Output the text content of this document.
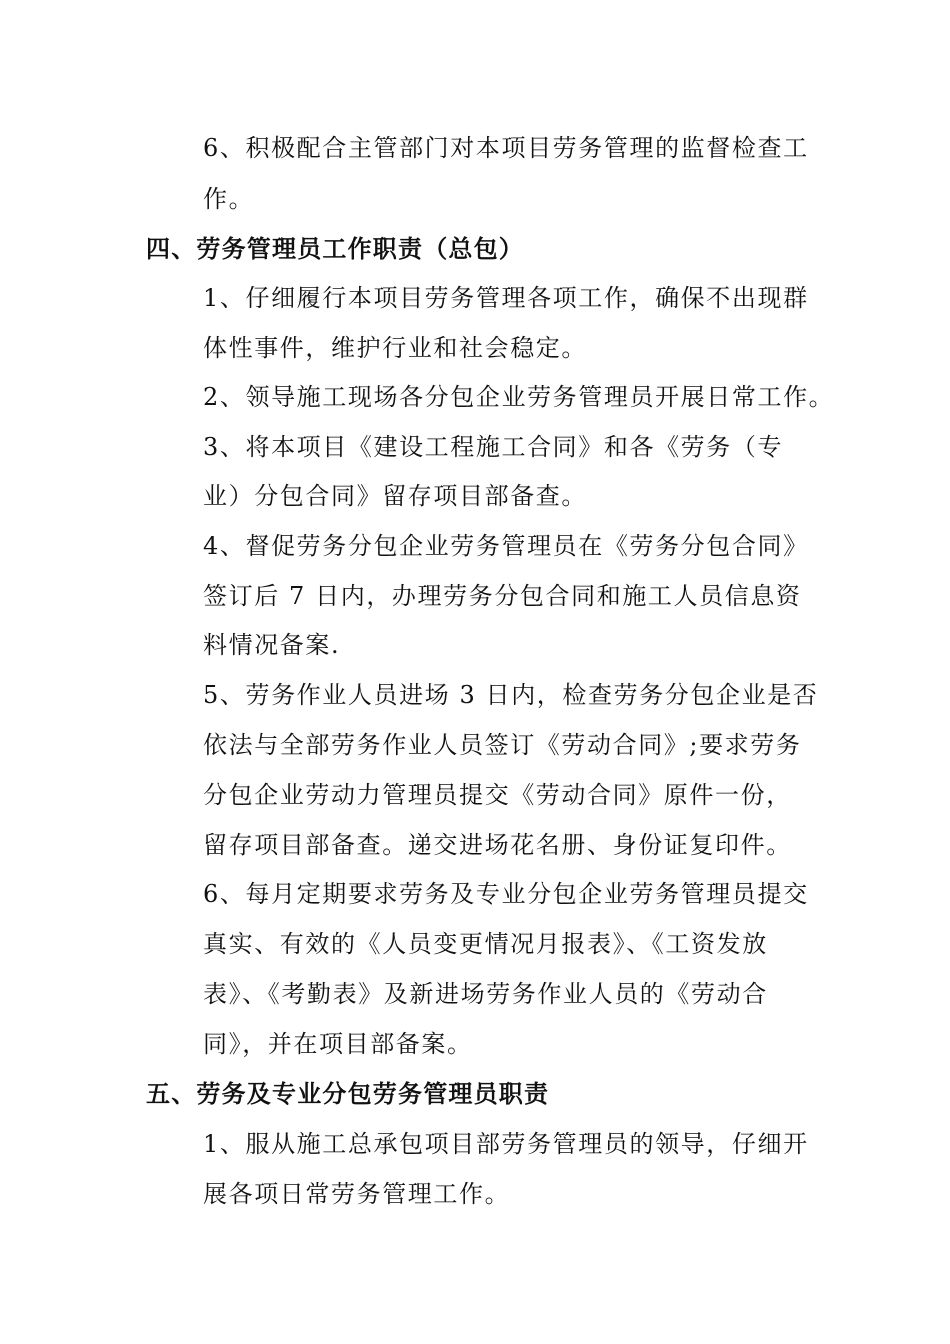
6、积极配合主管部门对本项目劳务管理的监督检查工
作。
四、劳务管理员工作职责（总包）
1、仔细履行本项目劳务管理各项工作，确保不出现群
体性事件，维护行业和社会稳定。
2、领导施工现场各分包企业劳务管理员开展日常工作。
3、将本项目《建设工程施工合同》和各《劳务（专
业）分包合同》留存项目部备查。
4、督促劳务分包企业劳务管理员在《劳务分包合同》
签订后 7 日内，办理劳务分包合同和施工人员信息资
料情况备案.
5、劳务作业人员进场 3 日内，检查劳务分包企业是否
依法与全部劳务作业人员签订《劳动合同》;要求劳务
分包企业劳动力管理员提交《劳动合同》原件一份，
留存项目部备查。递交进场花名册、身份证复印件。
6、每月定期要求劳务及专业分包企业劳务管理员提交
真实、有效的《人员变更情况月报表》、《工资发放
表》、《考勤表》及新进场劳务作业人员的《劳动合
同》，并在项目部备案。
五、劳务及专业分包劳务管理员职责
1、服从施工总承包项目部劳务管理员的领导，仔细开
展各项日常劳务管理工作。
